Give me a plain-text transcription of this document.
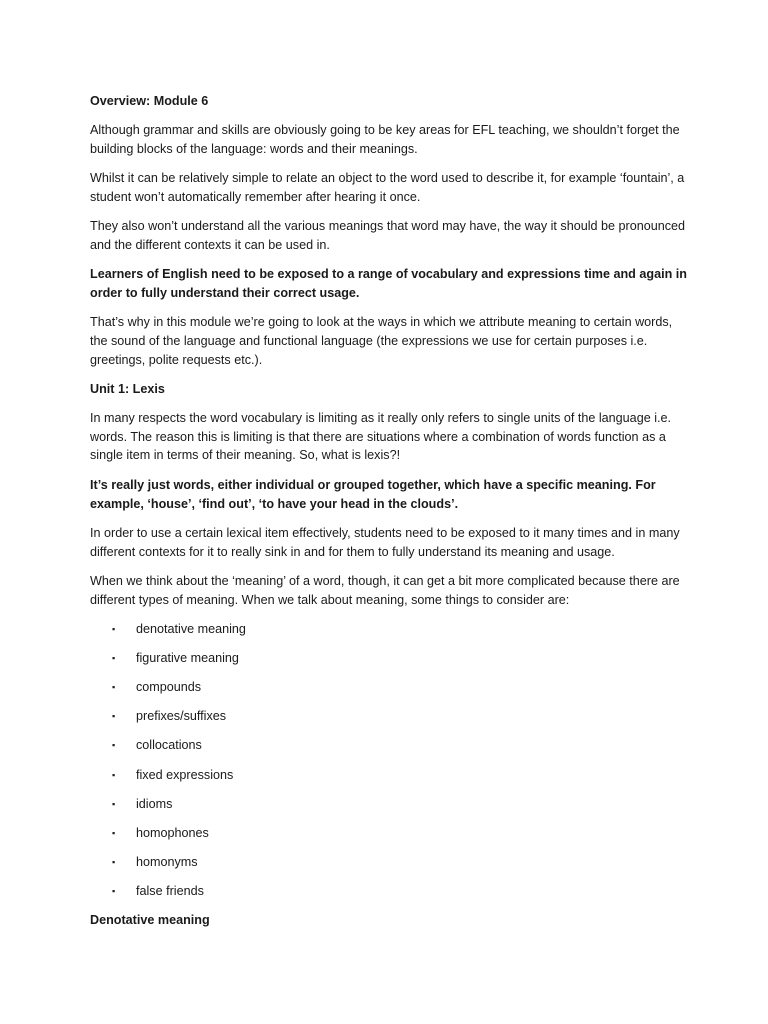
Overview: Module 6

Although grammar and skills are obviously going to be key areas for EFL teaching, we shouldn’t forget the building blocks of the language: words and their meanings.

Whilst it can be relatively simple to relate an object to the word used to describe it, for example ‘fountain’, a student won’t automatically remember after hearing it once.

They also won’t understand all the various meanings that word may have, the way it should be pronounced and the different contexts it can be used in.

Learners of English need to be exposed to a range of vocabulary and expressions time and again in order to fully understand their correct usage.

That’s why in this module we’re going to look at the ways in which we attribute meaning to certain words, the sound of the language and functional language (the expressions we use for certain purposes i.e. greetings, polite requests etc.).

Unit 1: Lexis

In many respects the word vocabulary is limiting as it really only refers to single units of the language i.e. words. The reason this is limiting is that there are situations where a combination of words function as a single item in terms of their meaning. So, what is lexis?!

It’s really just words, either individual or grouped together, which have a specific meaning. For example, ‘house’, ‘find out’, ‘to have your head in the clouds’.

In order to use a certain lexical item effectively, students need to be exposed to it many times and in many different contexts for it to really sink in and for them to fully understand its meaning and usage.

When we think about the ‘meaning’ of a word, though, it can get a bit more complicated because there are different types of meaning. When we talk about meaning, some things to consider are:

▪ denotative meaning
▪ figurative meaning
▪ compounds
▪ prefixes/suffixes
▪ collocations
▪ fixed expressions
▪ idioms
▪ homophones
▪ homonyms
▪ false friends
Denotative meaning
